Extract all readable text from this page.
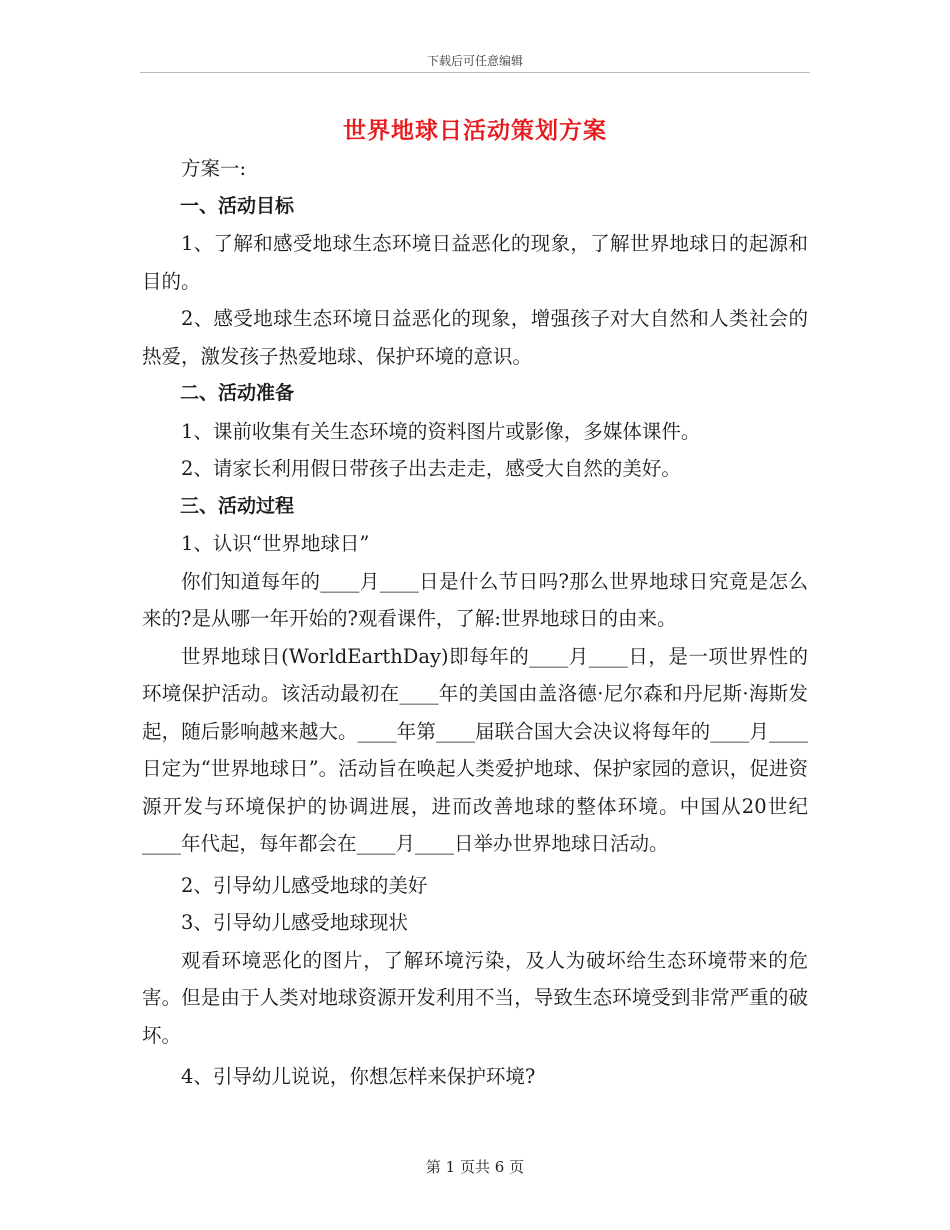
下载后可任意编辑
世界地球日活动策划方案

方案一:

一、活动目标

1、了解和感受地球生态环境日益恶化的现象，了解世界地球日的起源和目的。

2、感受地球生态环境日益恶化的现象，增强孩子对大自然和人类社会的热爱，激发孩子热爱地球、保护环境的意识。

二、活动准备

1、课前收集有关生态环境的资料图片或影像，多媒体课件。

2、请家长利用假日带孩子出去走走，感受大自然的美好。

三、活动过程

1、认识“世界地球日”

你们知道每年的____月____日是什么节日吗?那么世界地球日究竟是怎么来的?是从哪一年开始的?观看课件，了解:世界地球日的由来。

世界地球日(WorldEarthDay)即每年的____月____日，是一项世界性的环境保护活动。该活动最初在____年的美国由盖洛德·尼尔森和丹尼斯·海斯发起，随后影响越来越大。____年第____届联合国大会决议将每年的____月____日定为“世界地球日”。活动旨在唤起人类爱护地球、保护家园的意识，促进资源开发与环境保护的协调进展，进而改善地球的整体环境。中国从20世纪____年代起，每年都会在____月____日举办世界地球日活动。

2、引导幼儿感受地球的美好

3、引导幼儿感受地球现状

观看环境恶化的图片，了解环境污染，及人为破坏给生态环境带来的危害。但是由于人类对地球资源开发利用不当，导致生态环境受到非常严重的破坏。

4、引导幼儿说说，你想怎样来保护环境?

第 1 页共 6 页
